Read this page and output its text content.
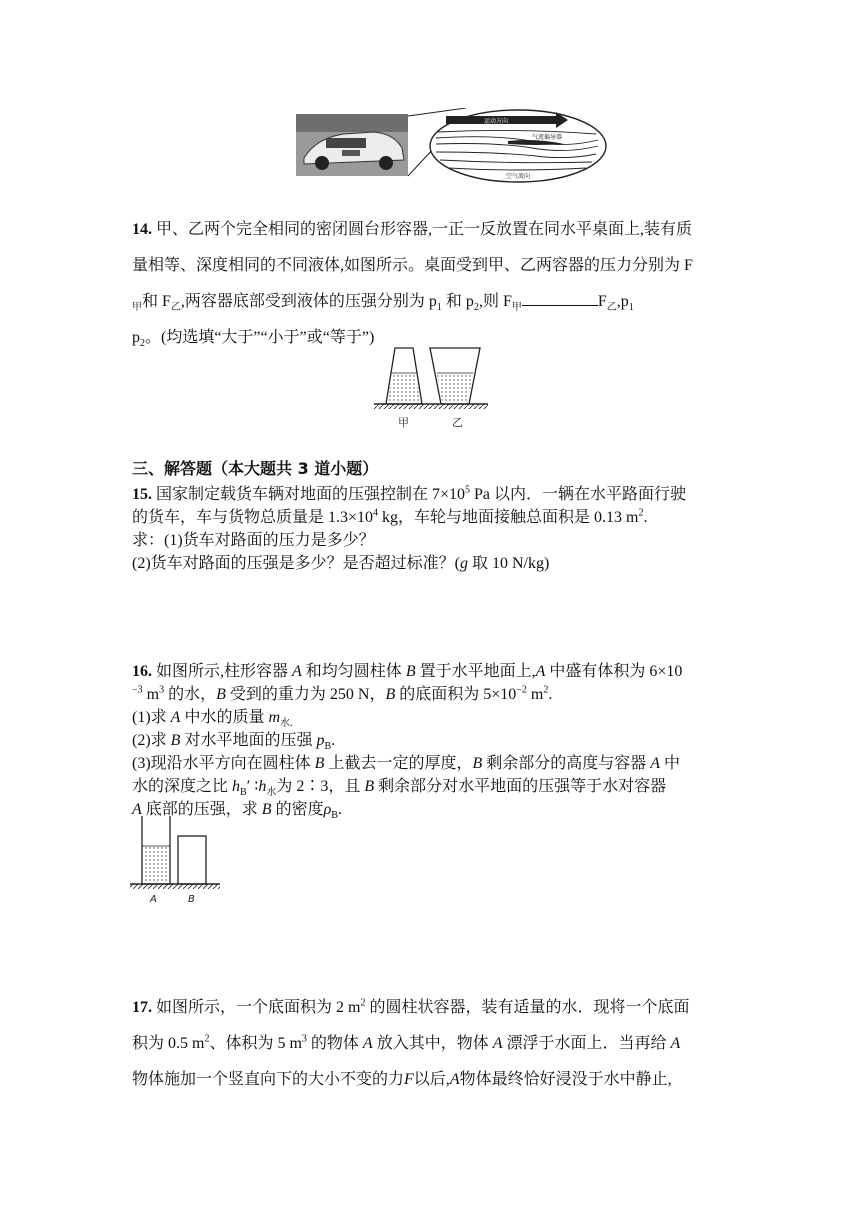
运动方向
气流偏导器
空气流向
14. 甲、乙两个完全相同的密闭圆台形容器,一正一反放置在同水平桌面上,装有质
量相等、深度相同的不同液体,如图所示。桌面受到甲、乙两容器的压力分别为 F
$_甲$和 $F_乙$,两容器底部受到液体的压强分别为 $p_1$ 和 $p_2$,则 $F_甲$	$F_乙,p_1$
$p_2$。(均选填“大于”“小于”或“等于”)
甲	乙
三、解答题（本大题共 3 道小题）
15. 国家制定载货车辆对地面的压强控制在 $7\times 10^5$ Pa 以内．一辆在水平路面行驶
的货车，车与货物总质量是 $1.3\times 10^4$ kg，车轮与地面接触总面积是 0.13 $m^2$.
求：(1)货车对路面的压力是多少？
(2)货车对路面的压强是多少？是否超过标准？(g 取 10 N/kg)
16. 如图所示,柱形容器 A 和均匀圆柱体 B 置于水平地面上,A 中盛有体积为 6×10
$^{-3}$ $m^3$ 的水，B 受到的重力为 250 N，B 的底面积为 $5\times 10^{-2}$ $m^2$.
(1)求 A 中水的质量 $m_{水.}$
(2)求 B 对水平地面的压强 $p_B$.
(3)现沿水平方向在圆柱体 B 上截去一定的厚度，B 剩余部分的高度与容器 A 中
水的深度之比 $h_B'$ $∶h_水$为 2∶3，且 B 剩余部分对水平地面的压强等于水对容器
A 底部的压强，求 B 的密度$\rho_B$.
A	B
17. 如图所示，一个底面积为 2 $m^2$ 的圆柱状容器，装有适量的水．现将一个底面
积为 0.5 $m^2$、体积为 5 $m^3$ 的物体 A 放入其中，物体 A 漂浮于水面上．当再给 A
物体施加一个竖直向下的大小不变的力F以后,A物体最终恰好浸没于水中静止,
